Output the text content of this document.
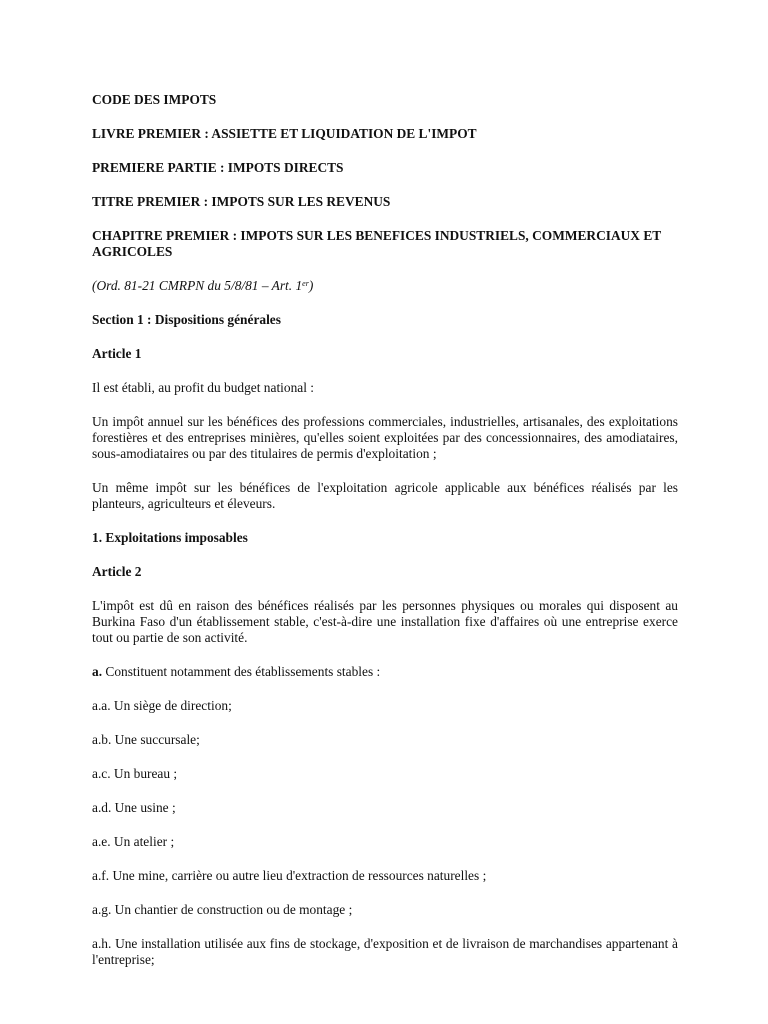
CODE DES IMPOTS

LIVRE PREMIER : ASSIETTE ET LIQUIDATION DE L'IMPOT

PREMIERE PARTIE : IMPOTS DIRECTS

TITRE PREMIER : IMPOTS SUR LES REVENUS

CHAPITRE PREMIER : IMPOTS SUR LES BENEFICES INDUSTRIELS, COMMERCIAUX ET AGRICOLES

(Ord. 81-21 CMRPN du 5/8/81 – Art. 1er)

Section 1 : Dispositions générales

Article 1

Il est établi, au profit du budget national :

Un impôt annuel sur les bénéfices des professions commerciales, industrielles, artisanales, des exploitations forestières et des entreprises minières, qu'elles soient exploitées par des concessionnaires, des amodiataires, sous-amodiataires ou par des titulaires de permis d'exploitation ;

Un même impôt sur les bénéfices de l'exploitation agricole applicable aux bénéfices réalisés par les planteurs, agriculteurs et éleveurs.

1. Exploitations imposables

Article 2

L'impôt est dû en raison des bénéfices réalisés par les personnes physiques ou morales qui disposent au Burkina Faso d'un établissement stable, c'est-à-dire une installation fixe d'affaires où une entreprise exerce tout ou partie de son activité.

a. Constituent notamment des établissements stables :

a.a. Un siège de direction;

a.b. Une succursale;

a.c. Un bureau ;

a.d. Une usine ;

a.e. Un atelier ;

a.f. Une mine, carrière ou autre lieu d'extraction de ressources naturelles ;

a.g. Un chantier de construction ou de montage ;

a.h. Une installation utilisée aux fins de stockage, d'exposition et de livraison de marchandises appartenant à l'entreprise;
